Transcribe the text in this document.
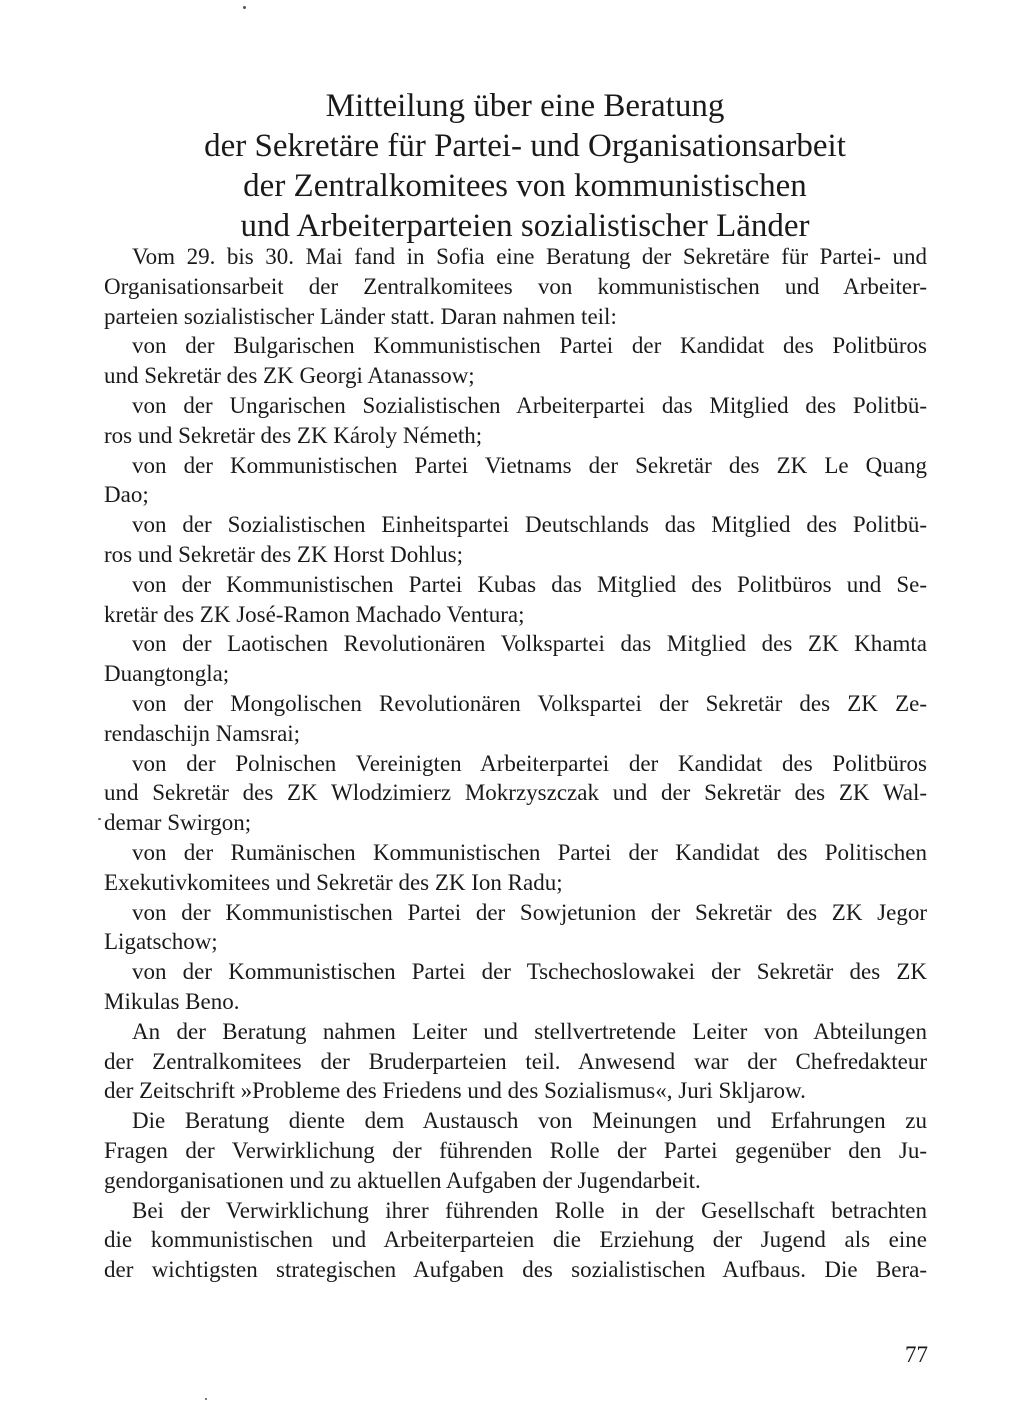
Mitteilung über eine Beratung
der Sekretäre für Partei- und Organisationsarbeit
der Zentralkomitees von kommunistischen
und Arbeiterparteien sozialistischer Länder
Vom 29. bis 30. Mai fand in Sofia eine Beratung der Sekretäre für Partei- und
Organisationsarbeit der Zentralkomitees von kommunistischen und Arbeiter-
parteien sozialistischer Länder statt. Daran nahmen teil:
von der Bulgarischen Kommunistischen Partei der Kandidat des Politbüros
und Sekretär des ZK Georgi Atanassow;
von der Ungarischen Sozialistischen Arbeiterpartei das Mitglied des Politbü-
ros und Sekretär des ZK Károly Németh;
von der Kommunistischen Partei Vietnams der Sekretär des ZK Le Quang
Dao;
von der Sozialistischen Einheitspartei Deutschlands das Mitglied des Politbü-
ros und Sekretär des ZK Horst Dohlus;
von der Kommunistischen Partei Kubas das Mitglied des Politbüros und Se-
kretär des ZK José-Ramon Machado Ventura;
von der Laotischen Revolutionären Volkspartei das Mitglied des ZK Khamta
Duangtongla;
von der Mongolischen Revolutionären Volkspartei der Sekretär des ZK Ze-
rendaschijn Namsrai;
von der Polnischen Vereinigten Arbeiterpartei der Kandidat des Politbüros
und Sekretär des ZK Wlodzimierz Mokrzyszczak und der Sekretär des ZK Wal-
demar Swirgon;
von der Rumänischen Kommunistischen Partei der Kandidat des Politischen
Exekutivkomitees und Sekretär des ZK Ion Radu;
von der Kommunistischen Partei der Sowjetunion der Sekretär des ZK Jegor
Ligatschow;
von der Kommunistischen Partei der Tschechoslowakei der Sekretär des ZK
Mikulas Beno.
An der Beratung nahmen Leiter und stellvertretende Leiter von Abteilungen
der Zentralkomitees der Bruderparteien teil. Anwesend war der Chefredakteur
der Zeitschrift »Probleme des Friedens und des Sozialismus«, Juri Skljarow.
Die Beratung diente dem Austausch von Meinungen und Erfahrungen zu
Fragen der Verwirklichung der führenden Rolle der Partei gegenüber den Ju-
gendorganisationen und zu aktuellen Aufgaben der Jugendarbeit.
Bei der Verwirklichung ihrer führenden Rolle in der Gesellschaft betrachten
die kommunistischen und Arbeiterparteien die Erziehung der Jugend als eine
der wichtigsten strategischen Aufgaben des sozialistischen Aufbaus. Die Bera-
77
